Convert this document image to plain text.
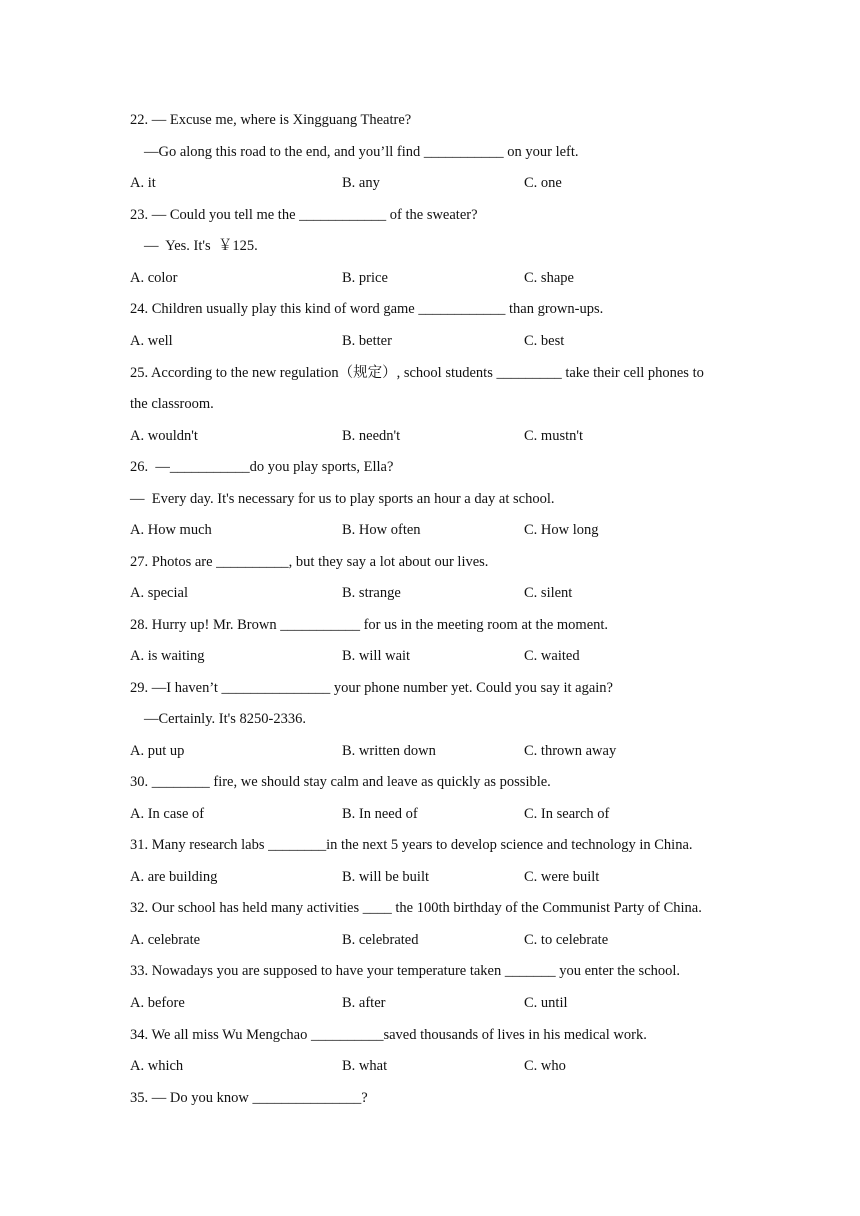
22. — Excuse me, where is Xingguang Theatre?
—Go along this road to the end, and you’ll find ___________ on your left.
A. it	B. any	C. one
23. — Could you tell me the ____________ of the sweater?
—  Yes. It's  ￥125.
A. color	B. price	C. shape
24. Children usually play this kind of word game ____________ than grown-ups.
A. well	B. better	C. best
25. According to the new regulation（规定）, school students _________ take their cell phones to
the classroom.
A. wouldn't	B. needn't	C. mustn't
26.  —___________do you play sports, Ella?
—  Every day. It's necessary for us to play sports an hour a day at school.
A. How much	B. How often	C. How long
27. Photos are __________, but they say a lot about our lives.
A. special	B. strange	C. silent
28. Hurry up! Mr. Brown ___________ for us in the meeting room at the moment.
A. is waiting	B. will wait	C. waited
29. —I haven’t _______________ your phone number yet. Could you say it again?
—Certainly. It's 8250-2336.
A. put up	B. written down	C. thrown away
30. ________ fire, we should stay calm and leave as quickly as possible.
A. In case of	B. In need of	C. In search of
31. Many research labs ________in the next 5 years to develop science and technology in China.
A. are building	B. will be built	C. were built
32. Our school has held many activities ____ the 100th birthday of the Communist Party of China.
A. celebrate	B. celebrated	C. to celebrate
33. Nowadays you are supposed to have your temperature taken _______ you enter the school.
A. before	B. after	C. until
34. We all miss Wu Mengchao __________saved thousands of lives in his medical work.
A. which	B. what	C. who
35. — Do you know _______________?
